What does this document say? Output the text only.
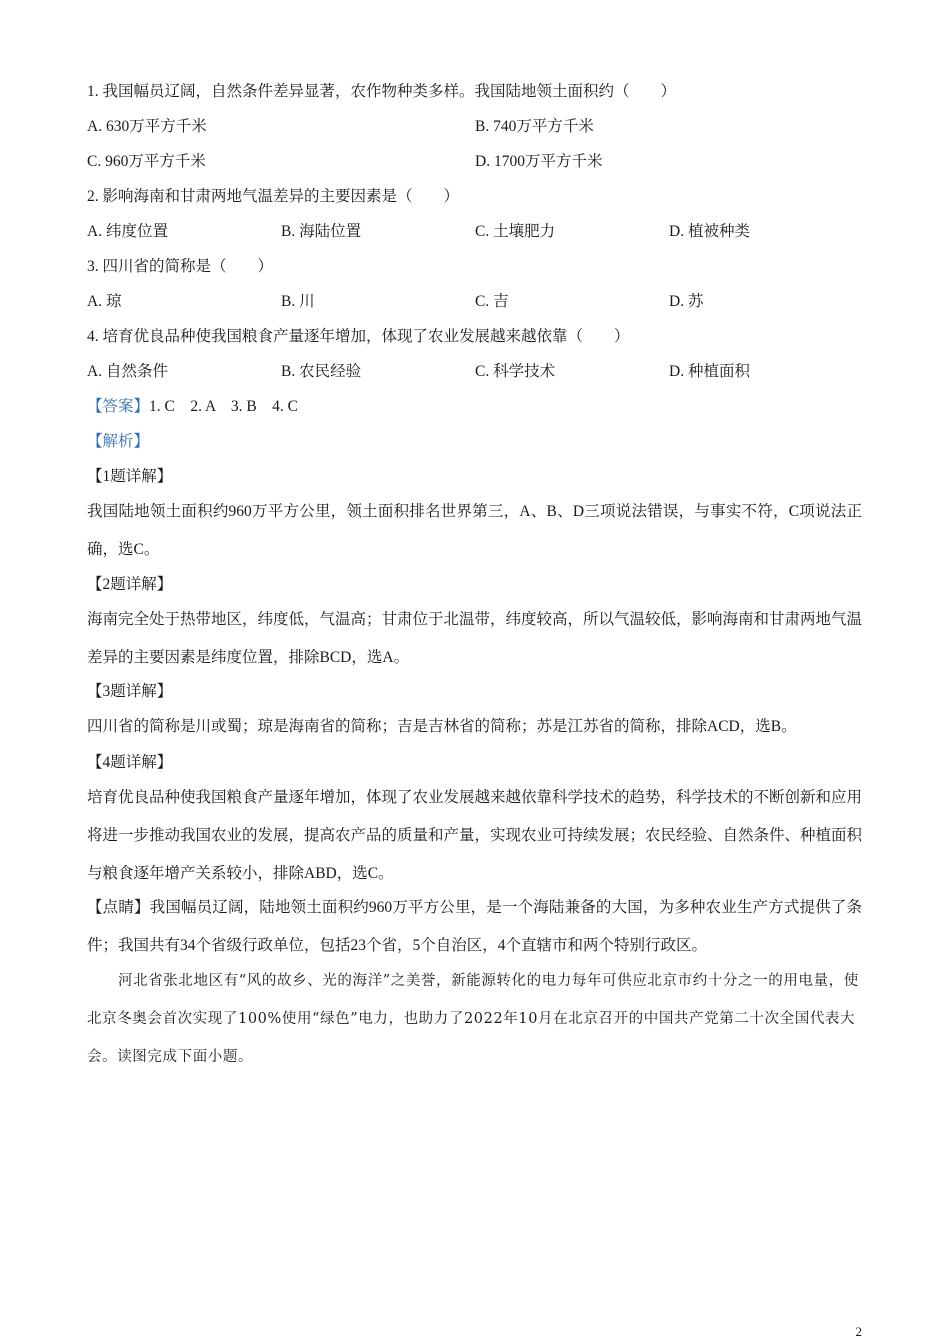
1. 我国幅员辽阔，自然条件差异显著，农作物种类多样。我国陆地领土面积约（　　）
A. 630万平方千米	B. 740万平方千米
C. 960万平方千米	D. 1700万平方千米
2. 影响海南和甘肃两地气温差异的主要因素是（　　）
A. 纬度位置	B. 海陆位置	C. 土壤肥力	D. 植被种类
3. 四川省的简称是（　　）
A. 琼	B. 川	C. 吉	D. 苏
4. 培育优良品种使我国粮食产量逐年增加，体现了农业发展越来越依靠（　　）
A. 自然条件	B. 农民经验	C. 科学技术	D. 种植面积
【答案】1. C　2. A　3. B　4. C
【解析】
【1题详解】
我国陆地领土面积约960万平方公里，领土面积排名世界第三，A、B、D三项说法错误，与事实不符，C项说法正确，选C。
【2题详解】
海南完全处于热带地区，纬度低，气温高；甘肃位于北温带，纬度较高，所以气温较低，影响海南和甘肃两地气温差异的主要因素是纬度位置，排除BCD，选A。
【3题详解】
四川省的简称是川或蜀；琼是海南省的简称；吉是吉林省的简称；苏是江苏省的简称，排除ACD，选B。
【4题详解】
培育优良品种使我国粮食产量逐年增加，体现了农业发展越来越依靠科学技术的趋势，科学技术的不断创新和应用将进一步推动我国农业的发展，提高农产品的质量和产量，实现农业可持续发展；农民经验、自然条件、种植面积与粮食逐年增产关系较小，排除ABD，选C。
【点睛】我国幅员辽阔，陆地领土面积约960万平方公里，是一个海陆兼备的大国，为多种农业生产方式提供了条件；我国共有34个省级行政单位，包括23个省，5个自治区，4个直辖市和两个特别行政区。
河北省张北地区有“风的故乡、光的海洋”之美誉，新能源转化的电力每年可供应北京市约十分之一的用电量，使北京冬奥会首次实现了100%使用“绿色”电力，也助力了2022年10月在北京召开的中国共产党第二十次全国代表大会。读图完成下面小题。
2
